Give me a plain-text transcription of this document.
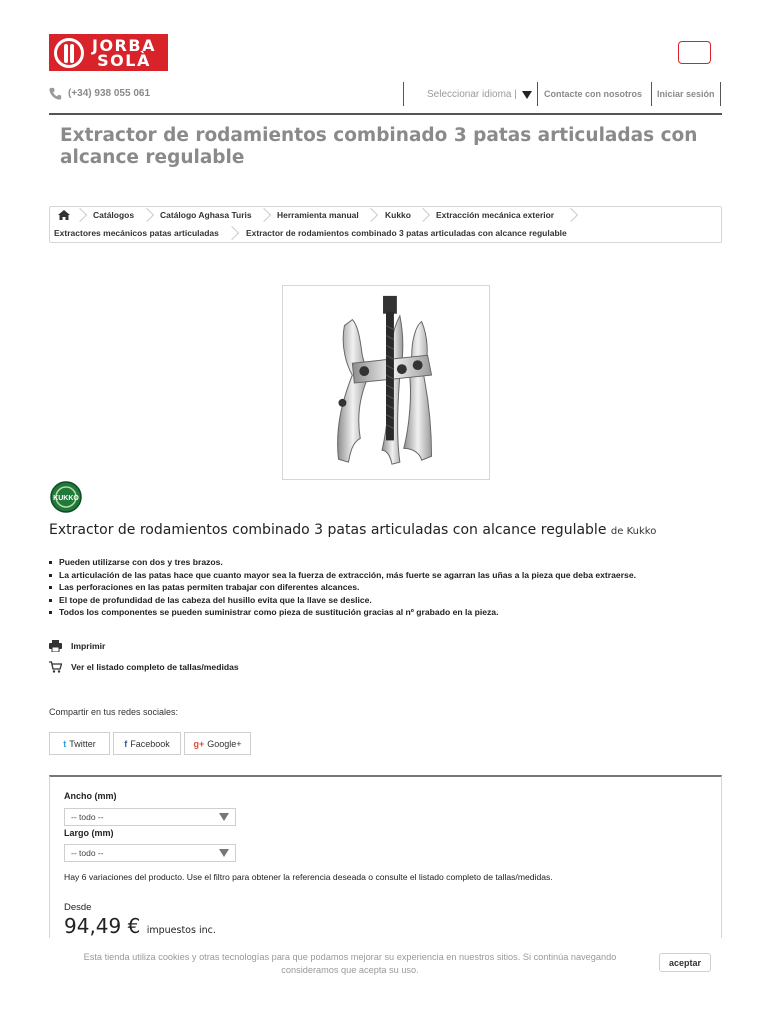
JORBA
SOLÀ
(+34) 938 055 061	Seleccionar idioma |	Contacte con nosotros Iniciar sesión
Extractor de rodamientos combinado 3 patas articuladas con alcance regulable
Catálogos	Catálogo Aghasa Turis	Herramienta manual	Kukko	Extracción mecánica exterior
Extractores mecánicos patas articuladas	Extractor de rodamientos combinado 3 patas articuladas con alcance regulable
KUKKO
Extractor de rodamientos combinado 3 patas articuladas con alcance regulable de Kukko
Pueden utilizarse con dos y tres brazos.
La articulación de las patas hace que cuanto mayor sea la fuerza de extracción, más fuerte se agarran las uñas a la pieza que deba extraerse.
Las perforaciones en las patas permiten trabajar con diferentes alcances.
El tope de profundidad de las cabeza del husillo evita que la llave se deslice.
Todos los componentes se pueden suministrar como pieza de sustitución gracias al nº grabado en la pieza.
Imprimir
Ver el listado completo de tallas/medidas
Compartir en tus redes sociales:
t Twitter	f Facebook	g+ Google+
Ancho (mm)
-- todo --
Largo (mm)
-- todo --
Hay 6 variaciones del producto. Use el filtro para obtener la referencia deseada o consulte el listado completo de tallas/medidas.
Desde
94,49 € impuestos inc.
Esta tienda utiliza cookies y otras tecnologías para que podamos mejorar su experiencia en nuestros sitios. Si continúa navegando consideramos que acepta su uso.
aceptar
